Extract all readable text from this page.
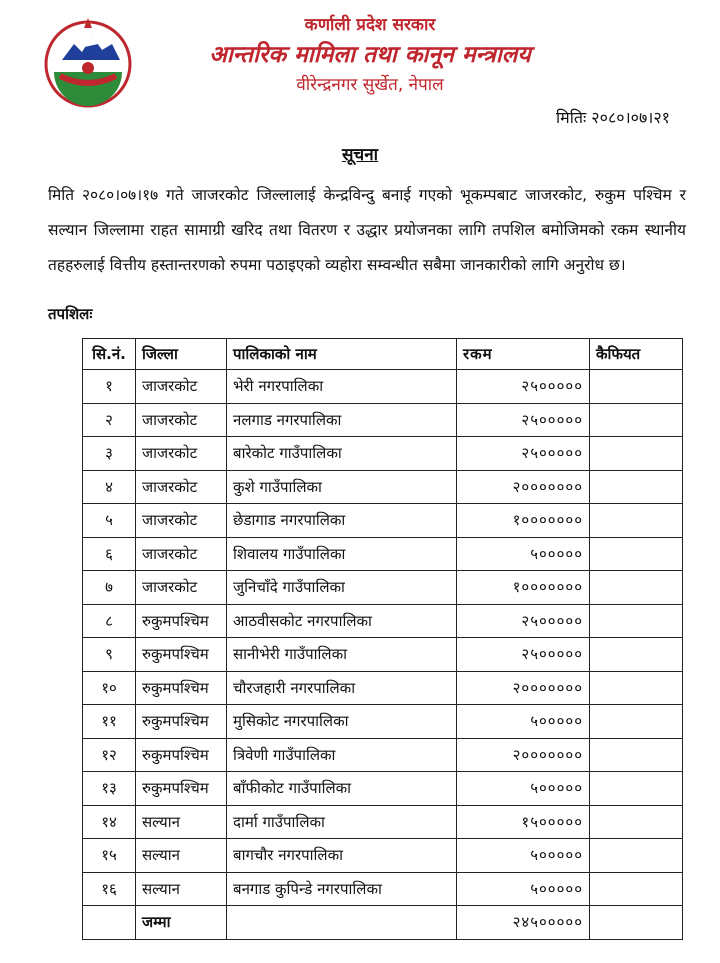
कर्णाली प्रदेश सरकार
आन्तरिक मामिला तथा कानून मन्त्रालय
वीरेन्द्रनगर सुर्खेत, नेपाल
मितिः २०८०।०७।२१
सूचना
मिति २०८०।०७।१७ गते जाजरकोट जिल्लालाई केन्द्रविन्दु बनाई गएको भूकम्पबाट जाजरकोट, रुकुम पश्चिम र सल्यान जिल्लामा राहत सामाग्री खरिद तथा वितरण र उद्धार प्रयोजनका लागि तपशिल बमोजिमको रकम स्थानीय तहहरुलाई वित्तीय हस्तान्तरणको रुपमा पठाइएको व्यहोरा सम्वन्धीत सबैमा जानकारीको लागि अनुरोध छ।
तपशिलः
सि.नं.	जिल्ला	पालिकाको नाम	रकम	कैफियत
१	जाजरकोट	भेरी नगरपालिका	२५०००००	
२	जाजरकोट	नलगाड नगरपालिका	२५०००००	
३	जाजरकोट	बारेकोट गाउँपालिका	२५०००००	
४	जाजरकोट	कुशे गाउँपालिका	२०००००००	
५	जाजरकोट	छेडागाड नगरपालिका	१०००००००	
६	जाजरकोट	शिवालय गाउँपालिका	५०००००	
७	जाजरकोट	जुनिचाँदे गाउँपालिका	१०००००००	
८	रुकुमपश्चिम	आठवीसकोट नगरपालिका	२५०००००	
९	रुकुमपश्चिम	सानीभेरी गाउँपालिका	२५०००००	
१०	रुकुमपश्चिम	चौरजहारी नगरपालिका	२०००००००	
११	रुकुमपश्चिम	मुसिकोट नगरपालिका	५०००००	
१२	रुकुमपश्चिम	त्रिवेणी गाउँपालिका	२०००००००	
१३	रुकुमपश्चिम	बाँफीकोट गाउँपालिका	५०००००	
१४	सल्यान	दार्मा गाउँपालिका	१५०००००	
१५	सल्यान	बागचौर नगरपालिका	५०००००	
१६	सल्यान	बनगाड कुपिन्डे नगरपालिका	५०००००	
	जम्मा		२४५०००००	
